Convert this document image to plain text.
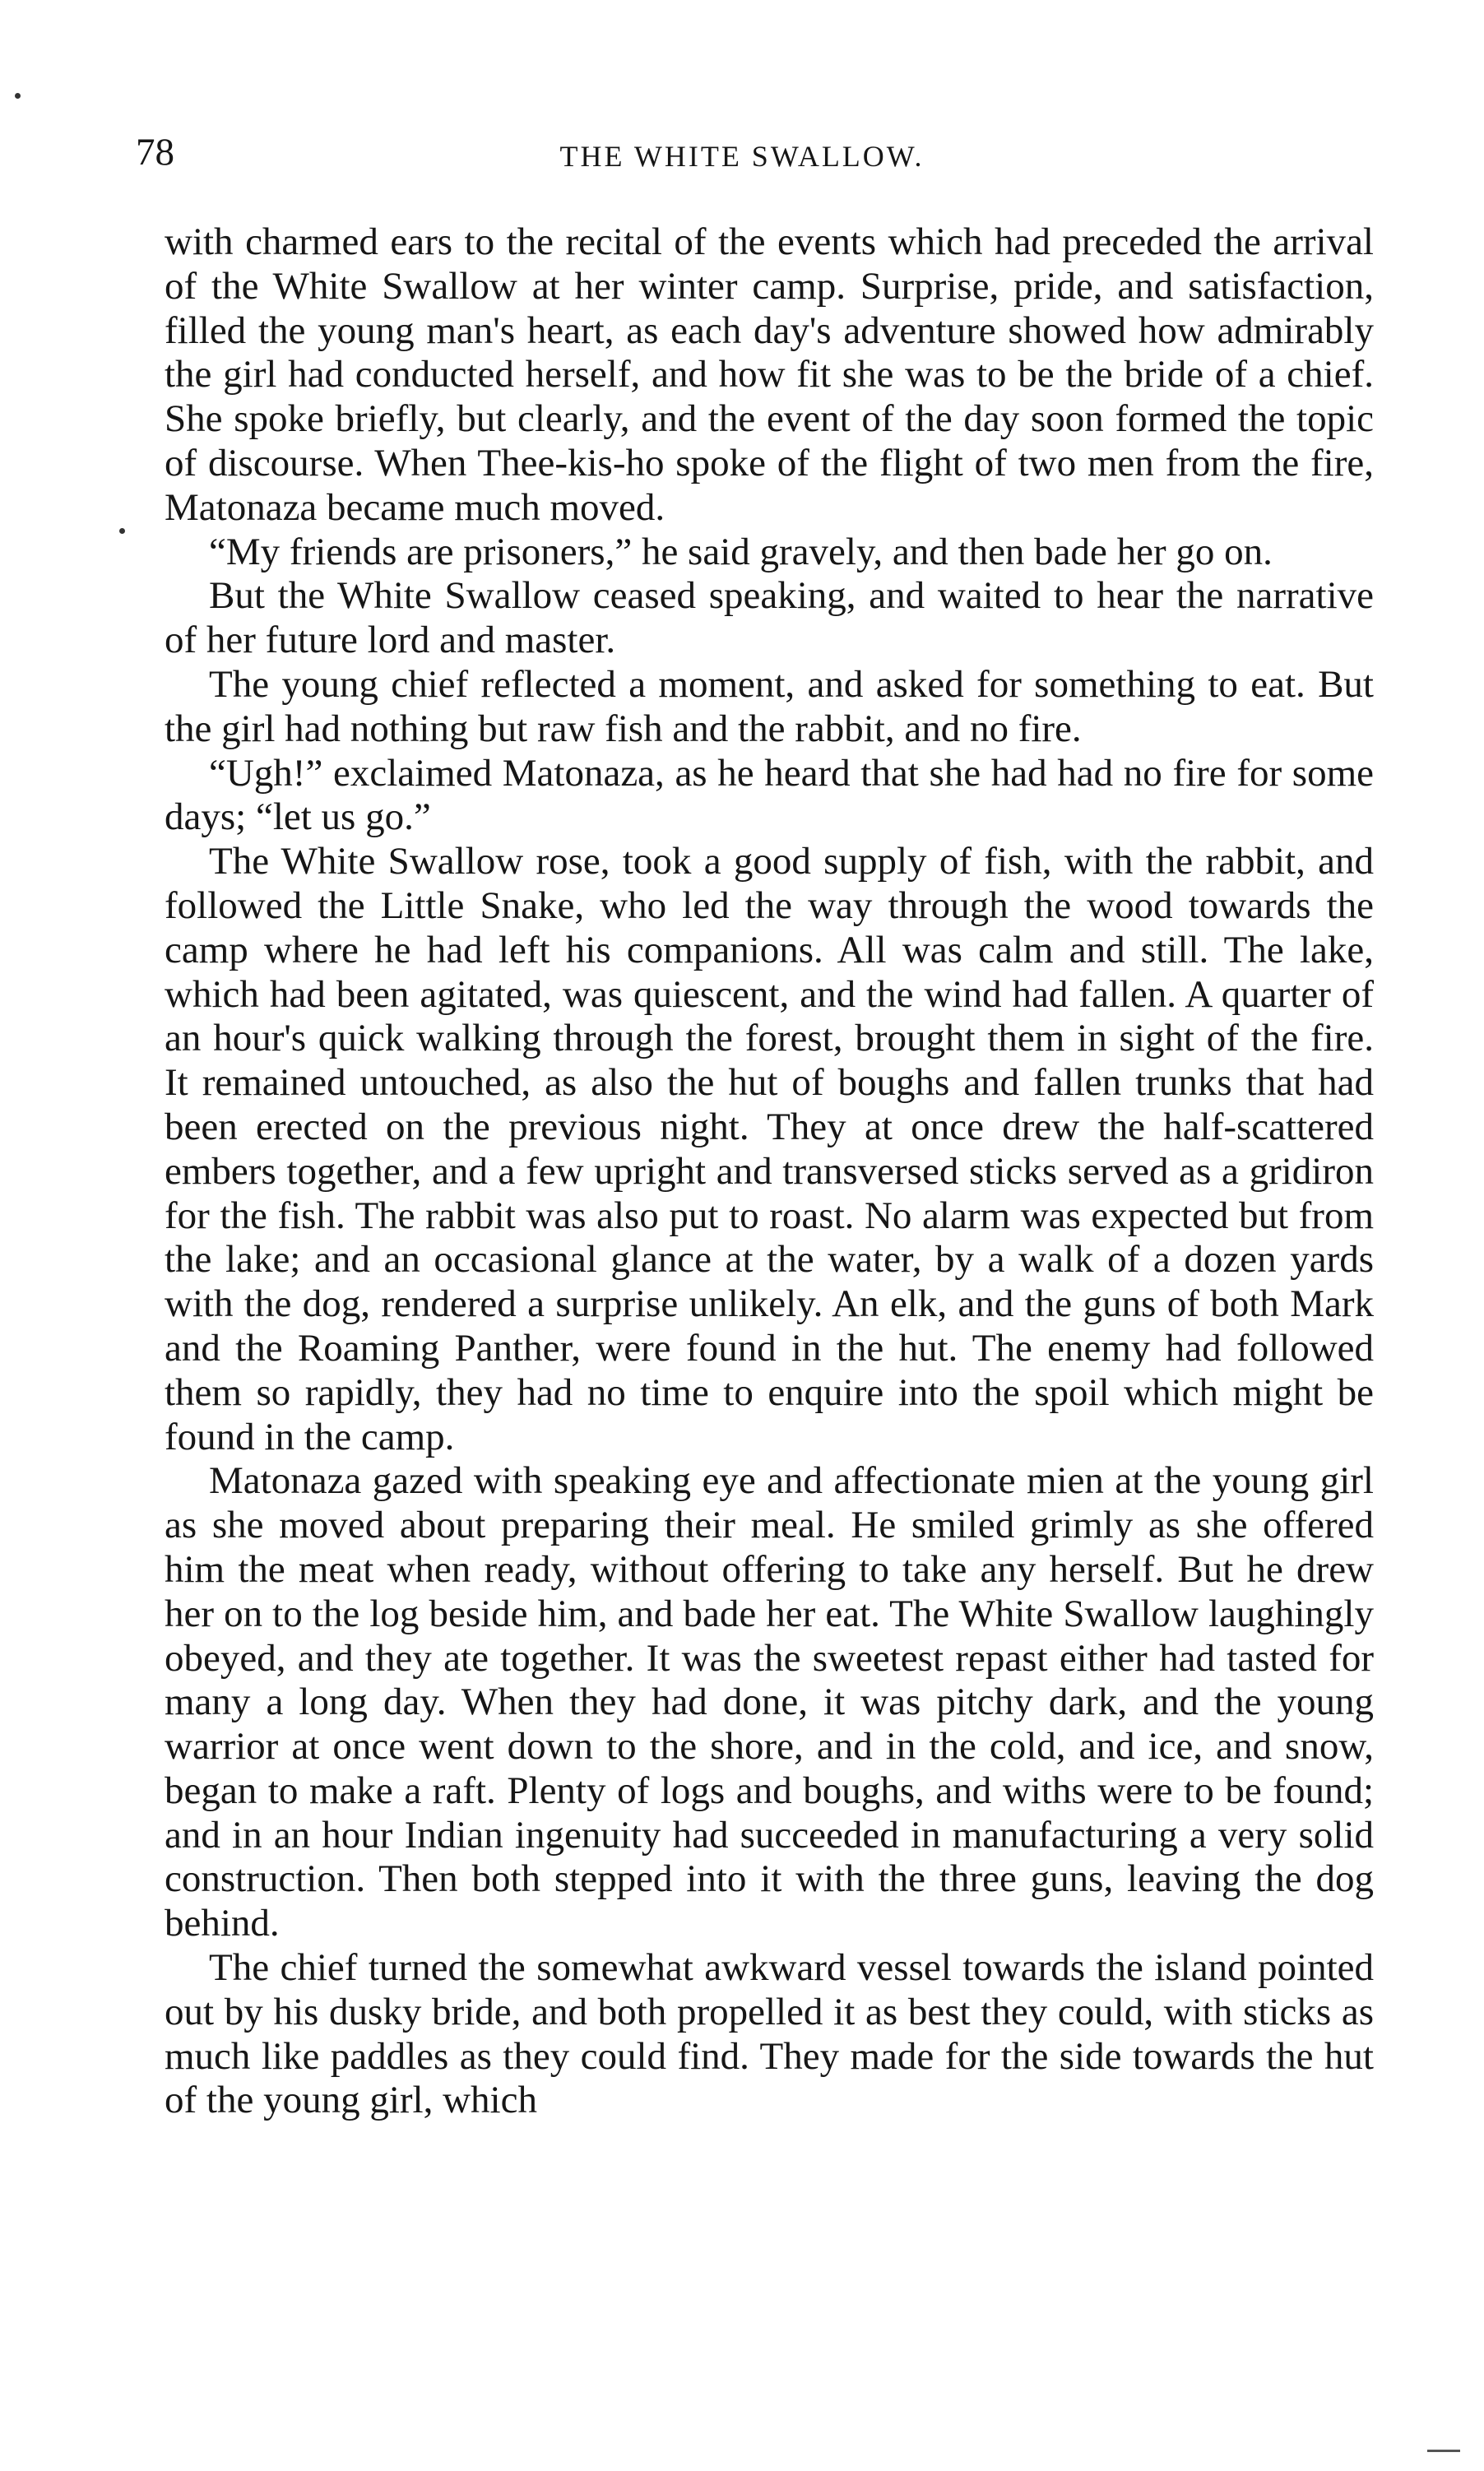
78	THE WHITE SWALLOW.

with charmed ears to the recital of the events which had preceded the arrival of the White Swallow at her winter camp. Surprise, pride, and satisfaction, filled the young man's heart, as each day's adventure showed how admirably the girl had conducted herself, and how fit she was to be the bride of a chief. She spoke briefly, but clearly, and the event of the day soon formed the topic of discourse. When Thee-kis-ho spoke of the flight of two men from the fire, Matonaza became much moved.

“My friends are prisoners,” he said gravely, and then bade her go on.

But the White Swallow ceased speaking, and waited to hear the narrative of her future lord and master.

The young chief reflected a moment, and asked for something to eat. But the girl had nothing but raw fish and the rabbit, and no fire.

“Ugh!” exclaimed Matonaza, as he heard that she had had no fire for some days; “let us go.”

The White Swallow rose, took a good supply of fish, with the rabbit, and followed the Little Snake, who led the way through the wood towards the camp where he had left his companions. All was calm and still. The lake, which had been agitated, was quiescent, and the wind had fallen. A quarter of an hour's quick walking through the forest, brought them in sight of the fire. It remained untouched, as also the hut of boughs and fallen trunks that had been erected on the previous night. They at once drew the half-scattered embers together, and a few upright and transversed sticks served as a gridiron for the fish. The rabbit was also put to roast. No alarm was expected but from the lake; and an occasional glance at the water, by a walk of a dozen yards with the dog, rendered a surprise unlikely. An elk, and the guns of both Mark and the Roaming Panther, were found in the hut. The enemy had followed them so rapidly, they had no time to enquire into the spoil which might be found in the camp.

Matonaza gazed with speaking eye and affectionate mien at the young girl as she moved about preparing their meal. He smiled grimly as she offered him the meat when ready, without offering to take any herself. But he drew her on to the log beside him, and bade her eat. The White Swallow laughingly obeyed, and they ate together. It was the sweetest repast either had tasted for many a long day. When they had done, it was pitchy dark, and the young warrior at once went down to the shore, and in the cold, and ice, and snow, began to make a raft. Plenty of logs and boughs, and withs were to be found; and in an hour Indian ingenuity had succeeded in manufacturing a very solid construction. Then both stepped into it with the three guns, leaving the dog behind.

The chief turned the somewhat awkward vessel towards the island pointed out by his dusky bride, and both propelled it as best they could, with sticks as much like paddles as they could find. They made for the side towards the hut of the young girl, which
